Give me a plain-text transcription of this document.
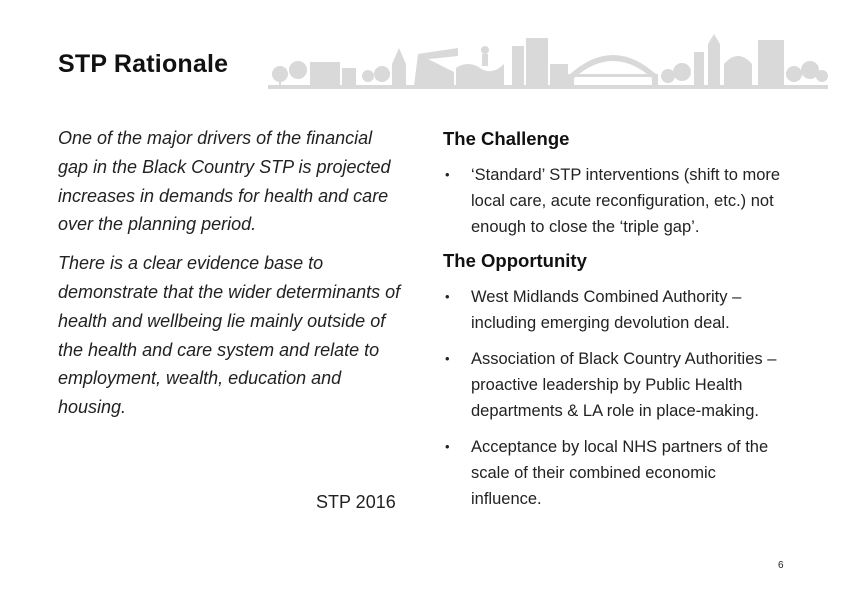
STP Rationale

One of the major drivers of the financial gap in the Black Country STP is projected increases in demands for health and care over the planning period.

There is a clear evidence base to demonstrate that the wider determinants of health and wellbeing lie mainly outside of the health and care system and relate to employment, wealth, education and housing.

STP 2016
The Challenge
• ‘Standard’ STP interventions (shift to more local care, acute reconfiguration, etc.) not enough to close the ‘triple gap’.
The Opportunity
• West Midlands Combined Authority – including emerging devolution deal.
• Association of Black Country Authorities – proactive leadership by Public Health departments & LA role in place-making.
• Acceptance by local NHS partners of the scale of their combined economic influence.
6
